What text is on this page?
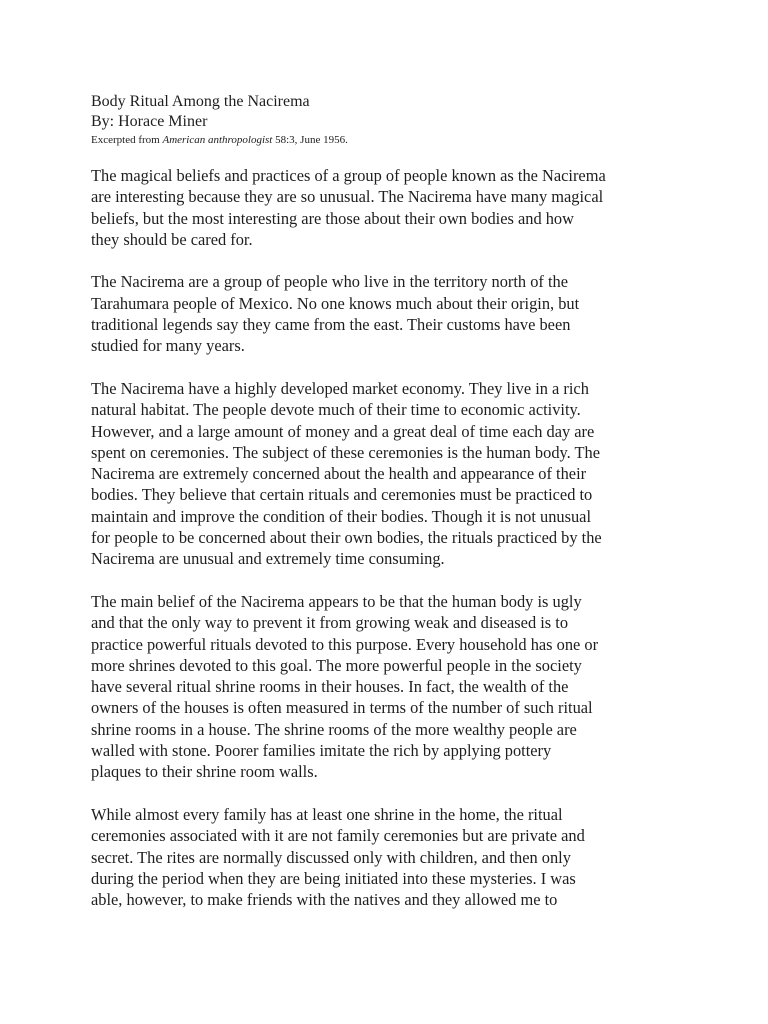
Body Ritual Among the Nacirema

By: Horace Miner

Excerpted from American anthropologist 58:3, June 1956.

The magical beliefs and practices of a group of people known as the Nacirema
are interesting because they are so unusual. The Nacirema have many magical
beliefs, but the most interesting are those about their own bodies and how
they should be cared for.

The Nacirema are a group of people who live in the territory north of the
Tarahumara people of Mexico. No one knows much about their origin, but
traditional legends say they came from the east. Their customs have been
studied for many years.

The Nacirema have a highly developed market economy. They live in a rich
natural habitat. The people devote much of their time to economic activity.
However, and a large amount of money and a great deal of time each day are
spent on ceremonies. The subject of these ceremonies is the human body. The
Nacirema are extremely concerned about the health and appearance of their
bodies. They believe that certain rituals and ceremonies must be practiced to
maintain and improve the condition of their bodies. Though it is not unusual
for people to be concerned about their own bodies, the rituals practiced by the
Nacirema are unusual and extremely time consuming.

The main belief of the Nacirema appears to be that the human body is ugly
and that the only way to prevent it from growing weak and diseased is to
practice powerful rituals devoted to this purpose. Every household has one or
more shrines devoted to this goal. The more powerful people in the society
have several ritual shrine rooms in their houses. In fact, the wealth of the
owners of the houses is often measured in terms of the number of such ritual
shrine rooms in a house. The shrine rooms of the more wealthy people are
walled with stone. Poorer families imitate the rich by applying pottery
plaques to their shrine room walls.

While almost every family has at least one shrine in the home, the ritual
ceremonies associated with it are not family ceremonies but are private and
secret. The rites are normally discussed only with children, and then only
during the period when they are being initiated into these mysteries. I was
able, however, to make friends with the natives and they allowed me to
